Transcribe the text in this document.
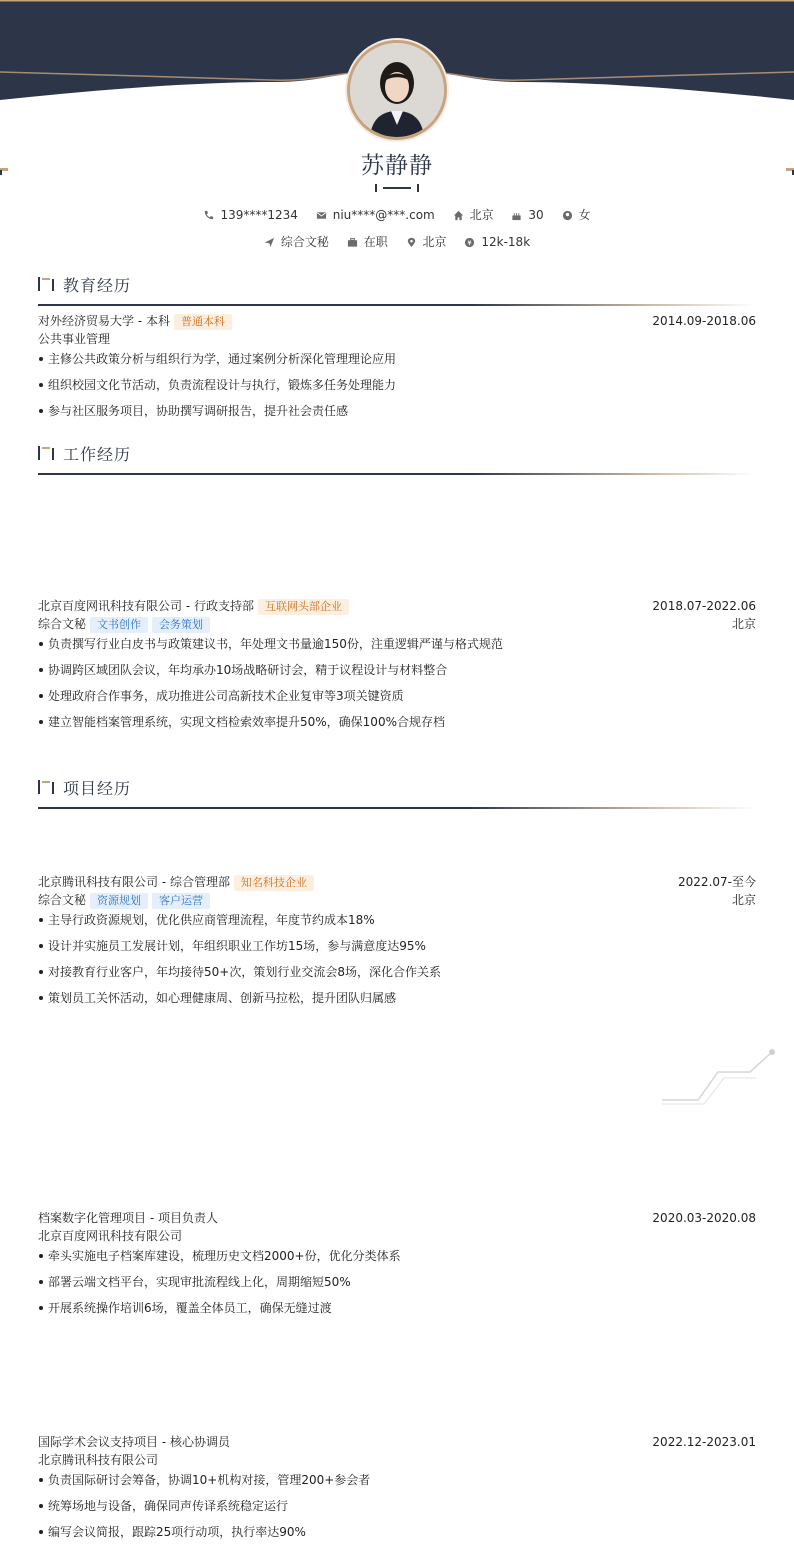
苏静静
139****1234	niu****@***.com	北京	30	女
综合文秘	在职	北京	12k-18k
教育经历
对外经济贸易大学 - 本科 普通本科	2014.09-2018.06
公共事业管理
主修公共政策分析与组织行为学，通过案例分析深化管理理论应用
组织校园文化节活动，负责流程设计与执行，锻炼多任务处理能力
参与社区服务项目，协助撰写调研报告，提升社会责任感
工作经历
北京百度网讯科技有限公司 - 行政支持部 互联网头部企业	2018.07-2022.06
综合文秘 文书创作 会务策划	北京
负责撰写行业白皮书与政策建议书，年处理文书量逾150份，注重逻辑严谨与格式规范
协调跨区域团队会议，年均承办10场战略研讨会，精于议程设计与材料整合
处理政府合作事务，成功推进公司高新技术企业复审等3项关键资质
建立智能档案管理系统，实现文档检索效率提升50%，确保100%合规存档
北京腾讯科技有限公司 - 综合管理部 知名科技企业	2022.07-至今
综合文秘 资源规划 客户运营	北京
主导行政资源规划，优化供应商管理流程，年度节约成本18%
设计并实施员工发展计划，年组织职业工作坊15场，参与满意度达95%
对接教育行业客户，年均接待50+次，策划行业交流会8场，深化合作关系
策划员工关怀活动，如心理健康周、创新马拉松，提升团队归属感
项目经历
档案数字化管理项目 - 项目负责人	2020.03-2020.08
北京百度网讯科技有限公司
牵头实施电子档案库建设，梳理历史文档2000+份，优化分类体系
部署云端文档平台，实现审批流程线上化，周期缩短50%
开展系统操作培训6场，覆盖全体员工，确保无缝过渡
国际学术会议支持项目 - 核心协调员	2022.12-2023.01
北京腾讯科技有限公司
负责国际研讨会筹备，协调10+机构对接，管理200+参会者
统筹场地与设备，确保同声传译系统稳定运行
编写会议简报，跟踪25项行动项，执行率达90%
